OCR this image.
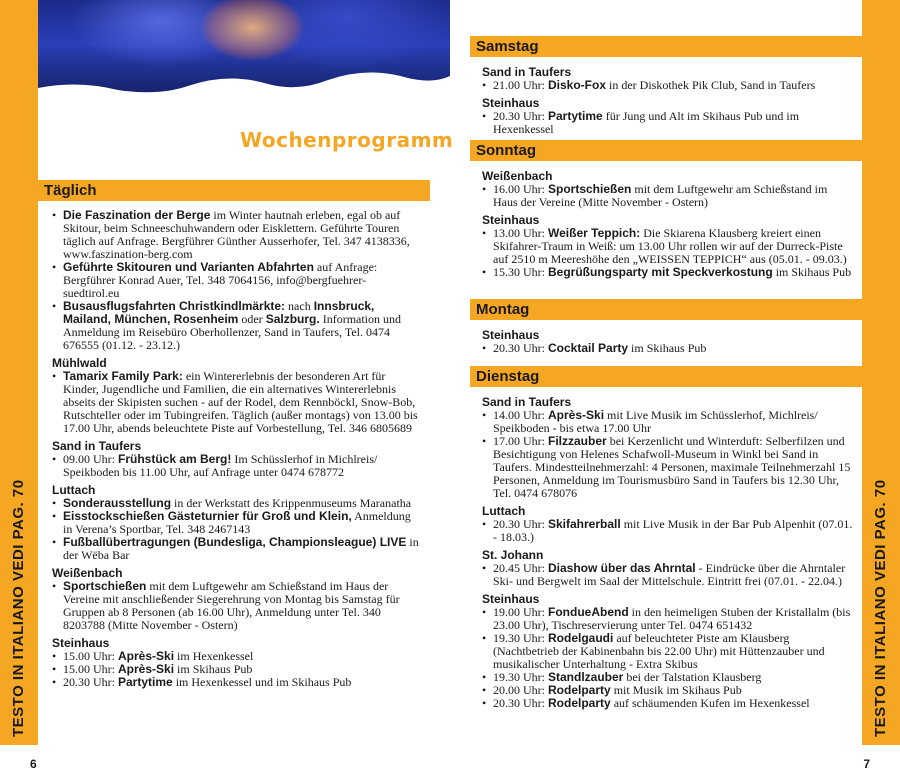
TESTO IN ITALIANO VEDI PAG. 70
Wochenprogramm
Täglich
• Die Faszination der Berge im Winter hautnah erleben, egal ob auf Skitour, beim Schneeschuhwandern oder Eisklettern. Geführte Touren täglich auf Anfrage. Bergführer Günther Ausserhofer, Tel. 347 4138336, www.faszination-berg.com
• Geführte Skitouren und Varianten Abfahrten auf Anfrage: Bergführer Konrad Auer, Tel. 348 7064156, info@bergfuehrer-suedtirol.eu
• Busausflugsfahrten Christkindlmärkte: nach Innsbruck, Mailand, München, Rosenheim oder Salzburg. Information und Anmeldung im Reisebüro Oberhollenzer, Sand in Taufers, Tel. 0474 676555 (01.12. - 23.12.)
Mühlwald
• Tamarix Family Park: ein Wintererlebnis der besonderen Art für Kinder, Jugendliche und Familien, die ein alternatives Wintererlebnis abseits der Skipisten suchen - auf der Rodel, dem Rennböckl, Snow-Bob, Rutschteller oder im Tubingreifen. Täglich (außer montags) von 13.00 bis 17.00 Uhr, abends beleuchtete Piste auf Vorbestellung, Tel. 346 6805689
Sand in Taufers
• 09.00 Uhr: Frühstück am Berg! Im Schüsslerhof in Michlreis/ Speikboden bis 11.00 Uhr, auf Anfrage unter 0474 678772
Luttach
• Sonderausstellung in der Werkstatt des Krippenmuseums Maranatha
• Eisstockschießen Gästeturnier für Groß und Klein, Anmeldung in Verena’s Sportbar, Tel. 348 2467143
• Fußballübertragungen (Bundesliga, Championsleague) LIVE in der Wëba Bar
Weißenbach
• Sportschießen mit dem Luftgewehr am Schießstand im Haus der Vereine mit anschließender Siegerehrung von Montag bis Samstag für Gruppen ab 8 Personen (ab 16.00 Uhr), Anmeldung unter Tel. 340 8203788 (Mitte November - Ostern)
Steinhaus
• 15.00 Uhr: Après-Ski im Hexenkessel
• 15.00 Uhr: Après-Ski im Skihaus Pub
• 20.30 Uhr: Partytime im Hexenkessel und im Skihaus Pub
6
TESTO IN ITALIANO VEDI PAG. 70
Samstag
Sand in Taufers
• 21.00 Uhr: Disko-Fox in der Diskothek Pik Club, Sand in Taufers
Steinhaus
• 20.30 Uhr: Partytime für Jung und Alt im Skihaus Pub und im Hexenkessel
Sonntag
Weißenbach
• 16.00 Uhr: Sportschießen mit dem Luftgewehr am Schießstand im Haus der Vereine (Mitte November - Ostern)
Steinhaus
• 13.00 Uhr: Weißer Teppich: Die Skiarena Klausberg kreiert einen Skifahrer-Traum in Weiß: um 13.00 Uhr rollen wir auf der Durreck-Piste auf 2510 m Meereshöhe den „WEISSEN TEPPICH“ aus (05.01. - 09.03.)
• 15.30 Uhr: Begrüßungsparty mit Speckverkostung im Skihaus Pub
Montag
Steinhaus
• 20.30 Uhr: Cocktail Party im Skihaus Pub
Dienstag
Sand in Taufers
• 14.00 Uhr: Après-Ski mit Live Musik im Schüsslerhof, Michlreis/ Speikboden - bis etwa 17.00 Uhr
• 17.00 Uhr: Filzzauber bei Kerzenlicht und Winterduft: Selberfilzen und Besichtigung von Helenes Schafwoll-Museum in Winkl bei Sand in Taufers. Mindestteilnehmerzahl: 4 Personen, maximale Teilnehmerzahl 15 Personen, Anmeldung im Tourismusbüro Sand in Taufers bis 12.30 Uhr, Tel. 0474 678076
Luttach
• 20.30 Uhr: Skifahrerball mit Live Musik in der Bar Pub Alpenhit (07.01. - 18.03.)
St. Johann
• 20.45 Uhr: Diashow über das Ahrntal - Eindrücke über die Ahrntaler Ski- und Bergwelt im Saal der Mittelschule. Eintritt frei (07.01. - 22.04.)
Steinhaus
• 19.00 Uhr: FondueAbend in den heimeligen Stuben der Kristallalm (bis 23.00 Uhr), Tischreservierung unter Tel. 0474 651432
• 19.30 Uhr: Rodelgaudi auf beleuchteter Piste am Klausberg (Nachtbetrieb der Kabinenbahn bis 22.00 Uhr) mit Hüttenzauber und musikalischer Unterhaltung - Extra Skibus
• 19.30 Uhr: Standlzauber bei der Talstation Klausberg
• 20.00 Uhr: Rodelparty mit Musik im Skihaus Pub
• 20.30 Uhr: Rodelparty auf schäumenden Kufen im Hexenkessel
7
